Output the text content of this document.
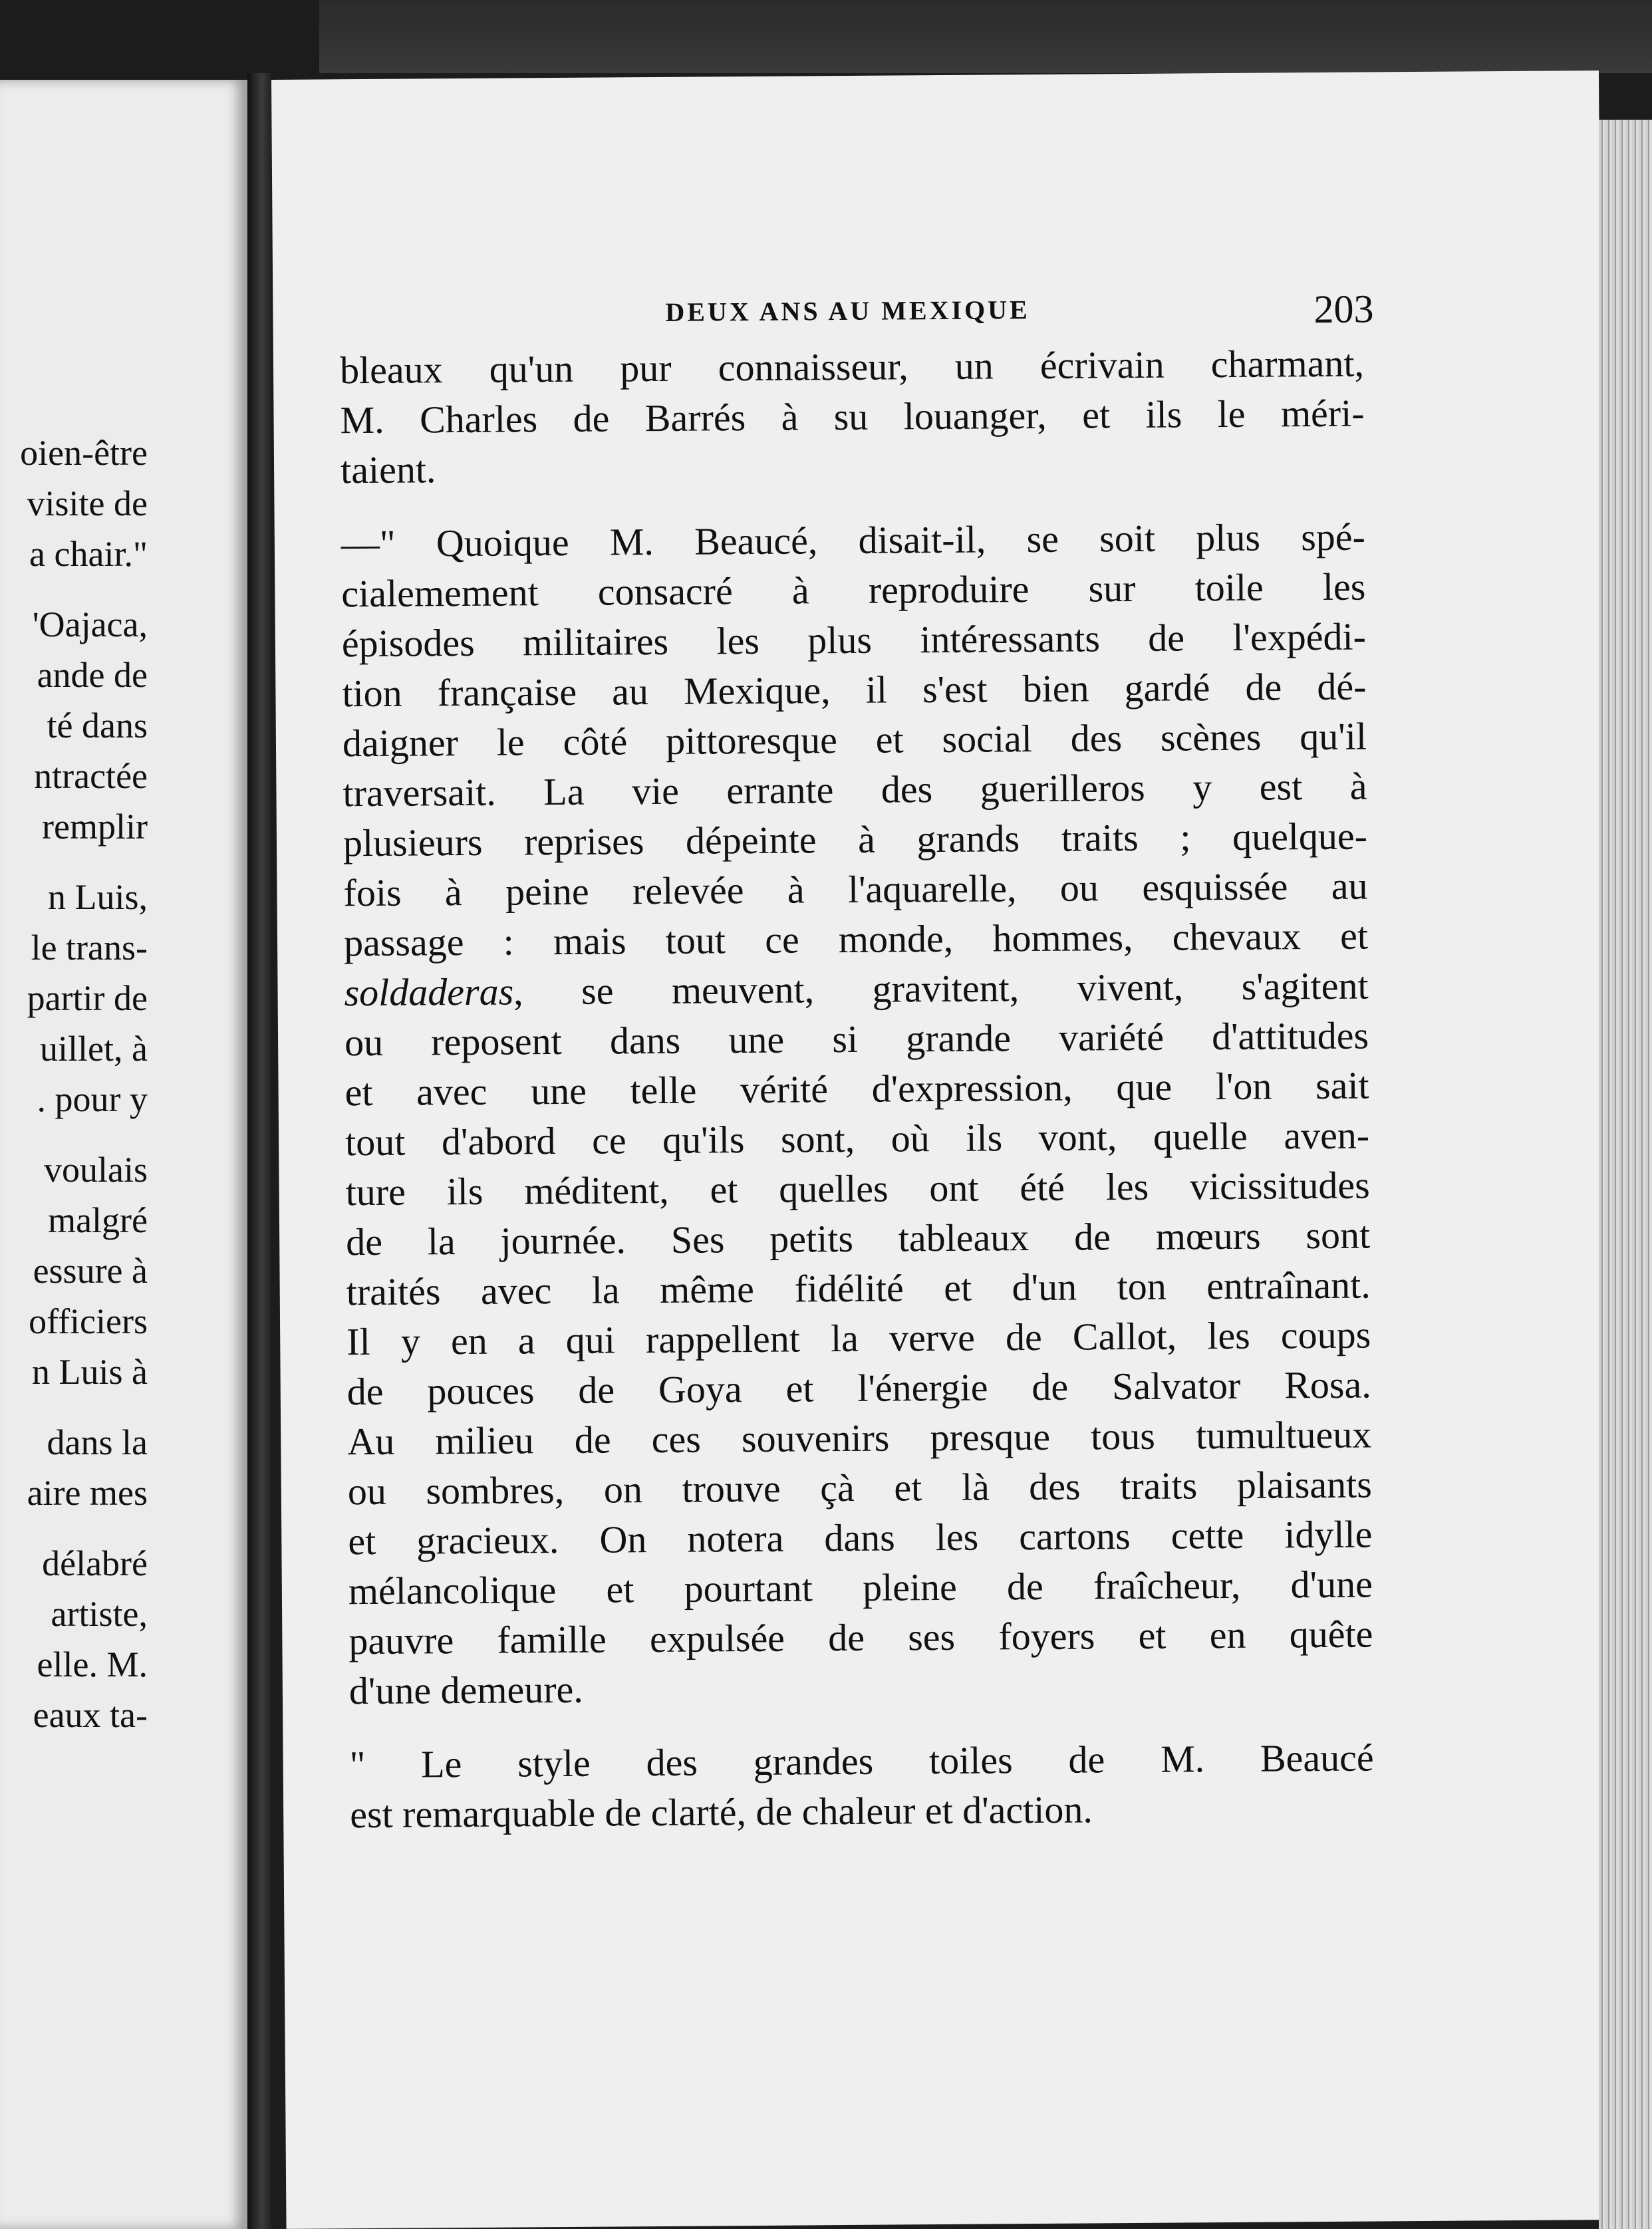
oien-être
visite de
a chair."
'Oajaca,
ande de
té dans
ntractée
remplir
n Luis,
le trans-
partir de
uillet, à
. pour y
voulais
malgré
essure à
officiers
n Luis à
dans la
aire mes
délabré
artiste,
elle. M.
eaux ta-
DEUX ANS AU MEXIQUE	203
bleaux qu'un pur connaisseur, un écrivain charmant,
M. Charles de Barrés à su louanger, et ils le méri-
taient.
—" Quoique M. Beaucé, disait-il, se soit plus spé-
cialemement consacré à reproduire sur toile les
épisodes militaires les plus intéressants de l'expédi-
tion française au Mexique, il s'est bien gardé de dé-
daigner le côté pittoresque et social des scènes qu'il
traversait. La vie errante des guerilleros y est à
plusieurs reprises dépeinte à grands traits ; quelque-
fois à peine relevée à l'aquarelle, ou esquissée au
passage : mais tout ce monde, hommes, chevaux et
soldaderas, se meuvent, gravitent, vivent, s'agitent
ou reposent dans une si grande variété d'attitudes
et avec une telle vérité d'expression, que l'on sait
tout d'abord ce qu'ils sont, où ils vont, quelle aven-
ture ils méditent, et quelles ont été les vicissitudes
de la journée. Ses petits tableaux de mœurs sont
traités avec la même fidélité et d'un ton entraînant.
Il y en a qui rappellent la verve de Callot, les coups
de pouces de Goya et l'énergie de Salvator Rosa.
Au milieu de ces souvenirs presque tous tumultueux
ou sombres, on trouve çà et là des traits plaisants
et gracieux. On notera dans les cartons cette idylle
mélancolique et pourtant pleine de fraîcheur, d'une
pauvre famille expulsée de ses foyers et en quête
d'une demeure.
" Le style des grandes toiles de M. Beaucé
est remarquable de clarté, de chaleur et d'action.
